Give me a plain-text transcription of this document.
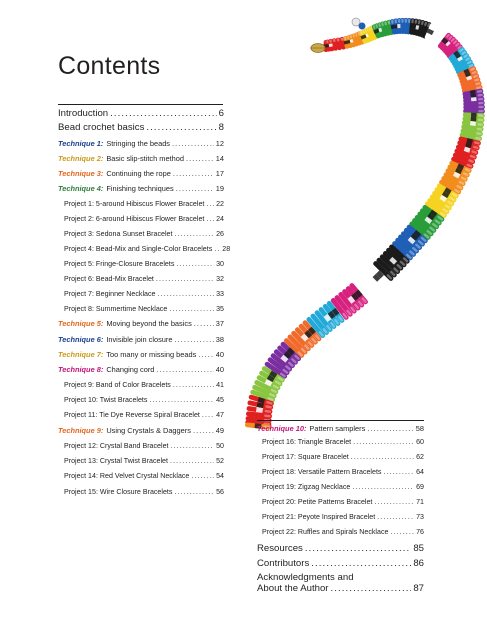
Contents
Introduction .....	6
Bead crochet basics .....	8
Technique 1: Stringing the beads .....	12
Technique 2: Basic slip-stitch method .....	14
Technique 3: Continuing the rope .....	17
Technique 4: Finishing techniques .....	19
Project 1: 5-around Hibiscus Flower Bracelet ..... 22
Project 2: 6-around Hibiscus Flower Bracelet ..... 24
Project 3: Sedona Sunset Bracelet .....	26
Project 4: Bead-Mix and Single-Color Bracelets ..... 28
Project 5: Fringe-Closure Bracelets .....	30
Project 6: Bead-Mix Bracelet .....	32
Project 7: Beginner Necklace .....	33
Project 8: Summertime Necklace .....	35
Technique 5: Moving beyond the basics .....	37
Technique 6: Invisible join closure .....	38
Technique 7: Too many or missing beads .....	40
Technique 8: Changing cord .....	40
Project 9: Band of Color Bracelets .....	41
Project 10: Twist Bracelets .....	45
Project 11: Tie Dye Reverse Spiral Bracelet ..... 47
Technique 9: Using Crystals & Daggers .....	49
Project 12: Crystal Band Bracelet .....	50
Project 13: Crystal Twist Bracelet .....	52
Project 14: Red Velvet Crystal Necklace .....	54
Project 15: Wire Closure Bracelets .....	56
Technique 10: Pattern samplers .....	58
Project 16: Triangle Bracelet .....	60
Project 17: Square Bracelet .....	62
Project 18: Versatile Pattern Bracelets .....	64
Project 19: Zigzag Necklace .....	69
Project 20: Petite Patterns Bracelet .....	71
Project 21: Peyote Inspired Bracelet .....	73
Project 22: Ruffles and Spirals Necklace .....	76
Resources .....	85
Contributors .....	86
Acknowledgments and
About the Author .....	87
